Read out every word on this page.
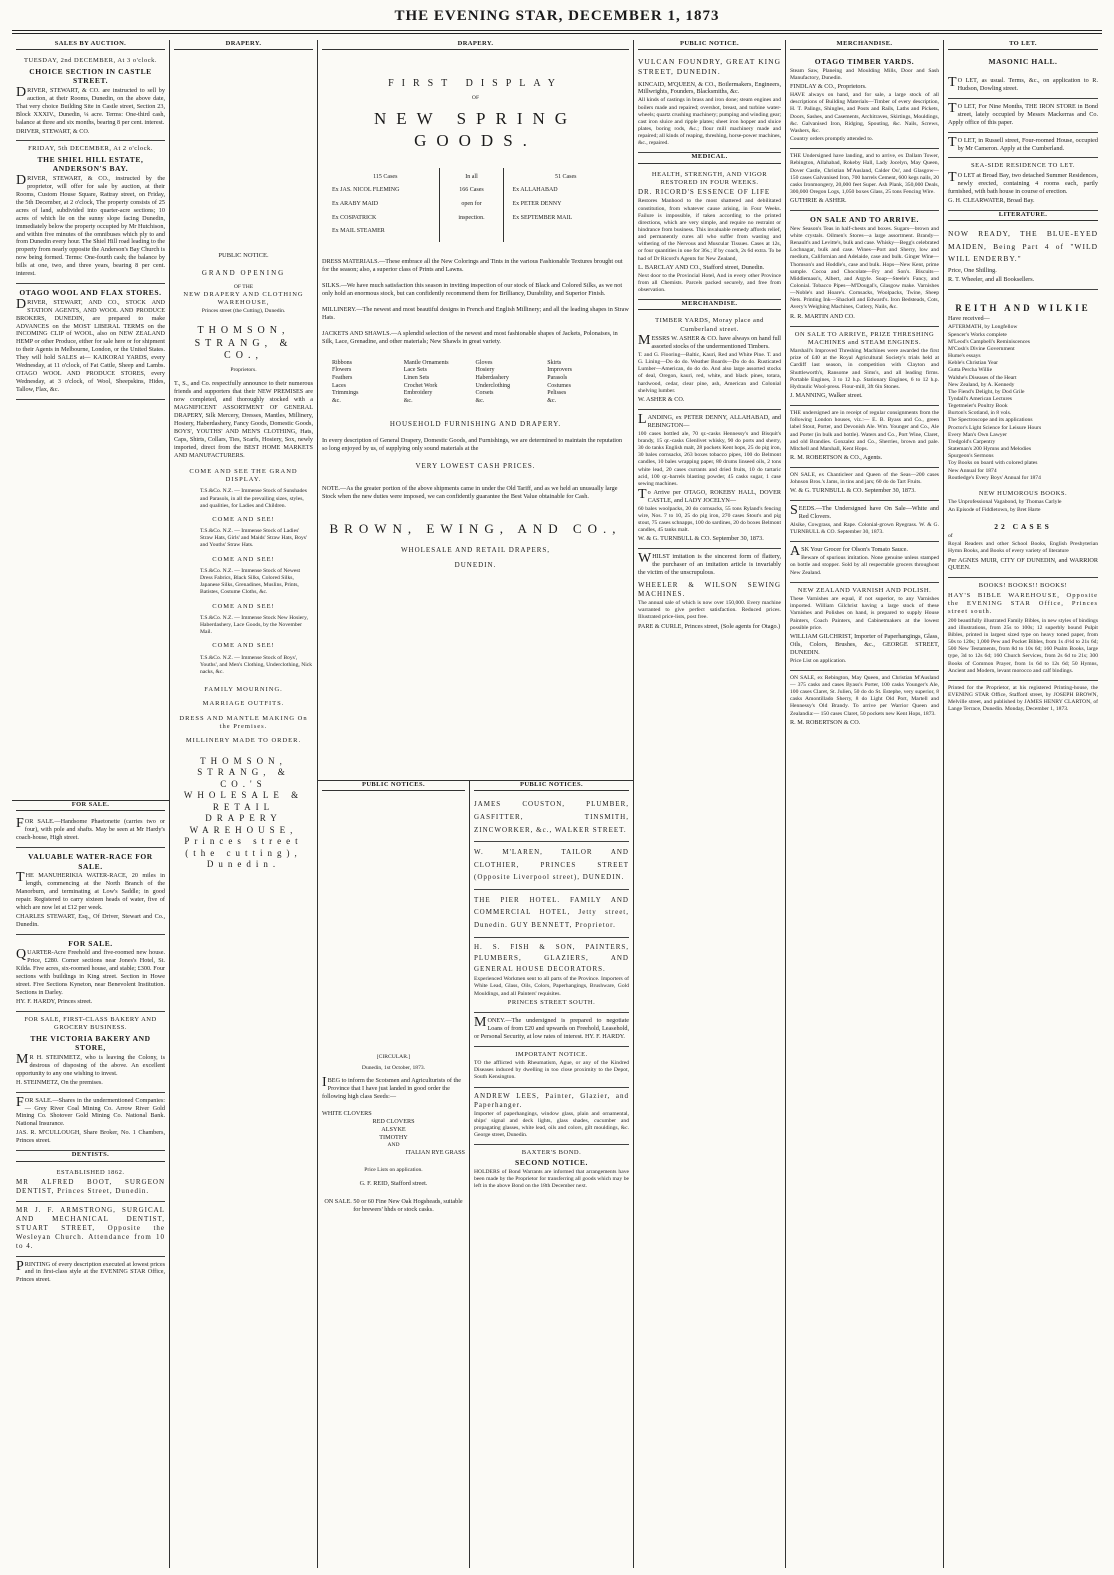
THE EVENING STAR, DECEMBER 1, 1873
SALES BY AUCTION.
TUESDAY, 2nd DECEMBER, At 3 o'clock.
CHOICE SECTION IN CASTLE STREET.

DRIVER, STEWART, & CO. are instructed to sell by auction, at their Rooms, Dunedin, on the above date, That very choice Building Site in Castle street, Section 23, Block XXXIV., Dunedin, ¼ acre. Terms: One-third cash, balance at three and six months, bearing 8 per cent. interest.

DRIVER, STEWART, & CO.

FRIDAY, 5th DECEMBER, At 2 o'clock.
THE SHIEL HILL ESTATE, ANDERSON'S BAY.

DRIVER, STEWART, & CO., instructed by the proprietor, will offer for sale by auction, at their Rooms, Custom House Square, Rattray street, on Friday, the 5th December, at 2 o'clock, The property consists of 25 acres of land, subdivided into quarter-acre sections; 10 acres of which lie on the sunny slope facing Dunedin, immediately below the property occupied by Mr Hutchison, and within five minutes of the omnibuses which ply to and from Dunedin every hour. The Shiel Hill road leading to the property from nearly opposite the Anderson's Bay Church is now being formed. Terms: One-fourth cash; the balance by bills at one, two, and three years, bearing 8 per cent. interest.

OTAGO WOOL AND FLAX STORES.

DRIVER, STEWART, AND CO., STOCK AND STATION AGENTS, AND WOOL AND PRODUCE BROKERS, DUNEDIN, are prepared to make ADVANCES on the MOST LIBERAL TERMS on the INCOMING CLIP of WOOL, also on NEW ZEALAND HEMP or other Produce, either for sale here or for shipment to their Agents in Melbourne, London, or the United States. They will hold SALES at— KAIKORAI YARDS, every Wednesday, at 11 o'clock, of Fat Cattle, Sheep and Lambs. OTAGO WOOL AND PRODUCE STORES, every Wednesday, at 3 o'clock, of Wool, Sheepskins, Hides, Tallow, Flax, &c.

FOR SALE.

FOR SALE.—Handsome Phaetonette (carries two or four), with pole and shafts. May be seen at Mr Hardy's coach-house, High street.

VALUABLE WATER-RACE FOR SALE.

THE MANUHERIKIA WATER-RACE, 20 miles in length, commencing at the North Branch of the Manorburn, and terminating at Low's Saddle; in good repair. Registered to carry sixteen heads of water, five of which are now let at £12 per week.

CHARLES STEWART, Esq., Of Driver, Stewart and Co., Dunedin.

FOR SALE.

QUARTER-Acre Freehold and five-roomed new house. Price, £280. Corner sections near Jones's Hotel, St. Kilda. Five acres, six-roomed house, and stable; £300. Four sections with buildings in King street. Section in Howe street. Five Sections Kyneton, near Benevolent Institution. Sections in Darley.

HY. F. HARDY, Princes street.

FOR SALE, FIRST-CLASS BAKERY AND GROCERY BUSINESS.
THE VICTORIA BAKERY AND STORE,

MR H. STEINMETZ, who is leaving the Colony, is desirous of disposing of the above. An excellent opportunity to any one wishing to invest.

H. STEINMETZ, On the premises.

FOR SALE.—Shares in the undermentioned Companies:— Grey River Coal Mining Co. Arrow River Gold Mining Co. Shotover Gold Mining Co. National Bank. National Insurance.

JAS. R. M'CULLOUGH, Share Broker, No. 1 Chambers, Princes street.

DENTISTS.
ESTABLISHED 1862.

MR ALFRED BOOT, SURGEON DENTIST, Princes Street, Dunedin.

MR J. F. ARMSTRONG, SURGICAL AND MECHANICAL DENTIST, STUART STREET, Opposite the Wesleyan Church. Attendance from 10 to 4.

PRINTING of every description executed at lowest prices and in first-class style at the EVENING STAR Office, Princes street.

DRAPERY.
PUBLIC NOTICE.
GRAND OPENING
OF THE
NEW DRAPERY AND CLOTHING WAREHOUSE,
Princes street (the Cutting), Dunedin.
THOMSON, STRANG, & CO.,
Proprietors.

T., S., and Co. respectfully announce to their numerous friends and supporters that their NEW PREMISES are now completed, and thoroughly stocked with a MAGNIFICENT ASSORTMENT OF GENERAL DRAPERY, Silk Mercery, Dresses, Mantles, Millinery, Hosiery, Haberdashery, Fancy Goods, Domestic Goods, BOYS', YOUTHS' AND MEN'S CLOTHING, Hats, Caps, Shirts, Collars, Ties, Scarfs, Hosiery, Sox, newly imported, direct from the BEST HOME MARKETS AND MANUFACTURERS.

COME AND SEE THE GRAND DISPLAY.

T.S.&Co. N.Z. — Immense Stock of Sunshades and Parasols, in all the prevailing sizes, styles, and qualities, for Ladies and Children.

COME AND SEE!

T.S.&Co. N.Z. — Immense Stock of Ladies' Straw Hats, Girls' and Maids' Straw Hats, Boys' and Youths' Straw Hats.

COME AND SEE!

T.S.&Co. N.Z. — Immense Stock of Newest Dress Fabrics, Black Silks, Colored Silks, Japanese Silks, Grenadines, Muslins, Prints, Batistes, Costume Cloths, &c.

COME AND SEE!

T.S.&Co. N.Z. — Immense Stock New Hosiery, Haberdashery, Lace Goods, by the November Mail.

COME AND SEE!

T.S.&Co. N.Z. — Immense Stock of Boys', Youths', and Men's Clothing, Underclothing, Nick nacks, &c.

FAMILY MOURNING.
MARRIAGE OUTFITS.
DRESS AND MANTLE MAKING On the Premises.
MILLINERY MADE TO ORDER.
THOMSON, STRANG, & CO.'S WHOLESALE & RETAIL DRAPERY WAREHOUSE, Princes street (the cutting), Dunedin.
DRAPERY.
FIRST DISPLAY
OF
NEW SPRING GOODS.

115 Cases

Ex JAS. NICOL FLEMING

Ex ARABY MAID

Ex COSPATRICK

Ex MAIL STEAMER

In all

166 Cases

open for

inspection.

51 Cases

Ex ALLAHABAD

Ex PETER DENNY

Ex SEPTEMBER MAIL

DRESS MATERIALS.—These embrace all the New Colorings and Tints in the various Fashionable Textures brought out for the season; also, a superior class of Prints and Lawns.

SILKS.—We have much satisfaction this season in inviting inspection of our stock of Black and Colored Silks, as we not only hold an enormous stock, but can confidently recommend them for Brilliancy, Durability, and Superior Finish.

MILLINERY.—The newest and most beautiful designs in French and English Millinery; and all the leading shapes in Straw Hats.

JACKETS AND SHAWLS.—A splendid selection of the newest and most fashionable shapes of Jackets, Polonaises, in Silk, Lace, Grenadine, and other materials; New Shawls in great variety.

Ribbons

Flowers

Feathers

Laces

Trimmings

&c.

Mantle Ornaments

Lace Sets

Linen Sets

Crochet Work

Embroidery

&c.

Gloves

Hosiery

Haberdashery

Underclothing

Corsets

&c.

Skirts

Improvers

Parasols

Costumes

Pelisses

&c.

HOUSEHOLD FURNISHING AND DRAPERY.

In every description of General Drapery, Domestic Goods, and Furnishings, we are determined to maintain the reputation so long enjoyed by us, of supplying only sound materials at the

VERY LOWEST CASH PRICES.

NOTE.—As the greater portion of the above shipments came in under the Old Tariff, and as we held an unusually large Stock when the new duties were imposed, we can confidently guarantee the Best Value obtainable for Cash.

BROWN, EWING, AND CO.,
WHOLESALE AND RETAIL DRAPERS,
DUNEDIN.
PUBLIC NOTICES.
[CIRCULAR.]
Dunedin, 1st October, 1873.

IBEG to inform the Scotsmen and Agriculturists of the Province that I have just landed in good order the following high class Seeds:—

WHITE CLOVERS

RED CLOVERS

ALSYKE

TIMOTHY

AND

ITALIAN RYE GRASS

Price Lists on application.
G. F. REID, Stafford street.

ON SALE. 50 or 60 Fine New Oak Hogsheads, suitable for brewers' hhds or stock casks.

PUBLIC NOTICES.

JAMES COUSTON, PLUMBER, GASFITTER, TINSMITH, ZINCWORKER, &c., WALKER STREET.

W. M'LAREN, TAILOR AND CLOTHIER, PRINCES STREET (Opposite Liverpool street), DUNEDIN.

THE PIER HOTEL. FAMILY AND COMMERCIAL HOTEL, Jetty street, Dunedin. GUY BENNETT, Proprietor.

H. S. FISH & SON, PAINTERS, PLUMBERS, GLAZIERS, AND GENERAL HOUSE DECORATORS.

Experienced Workmen sent to all parts of the Province. Importers of White Lead, Glass, Oils, Colors, Paperhangings, Brushware, Gold Mouldings, and all Painters' requisites.

PRINCES STREET SOUTH.

MONEY.—The undersigned is prepared to negotiate Loans of from £20 and upwards on Freehold, Leasehold, or Personal Security, at low rates of interest. HY. F. HARDY.

IMPORTANT NOTICE.

TO the afflicted with Rheumatism, Ague, or any of the Kindred Diseases induced by dwelling in too close proximity to the Depot, South Kensington.

ANDREW LEES, Painter, Glazier, and Paperhanger.

Importer of paperhangings, window glass, plain and ornamental, ships' signal and deck lights, glass shades, cucumber and propagating glasses, white lead, oils and colors, gilt mouldings, &c. George street, Dunedin.

BAXTER'S BOND.
SECOND NOTICE.

HOLDERS of Bond Warrants are informed that arrangements have been made by the Proprietor for transferring all goods which may be left in the above Bond on the 18th December next.

PUBLIC NOTICE.

VULCAN FOUNDRY, GREAT KING STREET, DUNEDIN.

KINCAID, M'QUEEN, & CO., Boilermakers, Engineers, Millwrights, Founders, Blacksmiths, &c.

All kinds of castings in brass and iron done; steam engines and boilers made and repaired; overshot, breast, and turbine water-wheels; quartz crushing machinery; pumping and winding gear; cast iron sluice and ripple plates; sheet iron hopper and sluice plates, boring rods, &c.; flour mill machinery made and repaired; all kinds of reaping, threshing, horse-power machines, &c., repaired.

MEDICAL.
HEALTH, STRENGTH, AND VIGOR RESTORED IN FOUR WEEKS.

DR. RICORD'S ESSENCE OF LIFE

Restores Manhood to the most shattered and debilitated constitution, from whatever cause arising, in Four Weeks. Failure is impossible, if taken according to the printed directions, which are very simple, and require no restraint or hindrance from business. This invaluable remedy affords relief, and permanently cures all who suffer from wasting and withering of the Nervous and Muscular Tissues. Cases at 12s, or four quantities in one for 36s.; if by coach, 2s 6d extra. To be had of Dr Ricord's Agents for New Zealand,

L. BARCLAY AND CO., Stafford street, Dunedin.

Next door to the Provincial Hotel, And in every other Province from all Chemists. Parcels packed securely, and free from observation.

MERCHANDISE.
TIMBER YARDS, Moray place and Cumberland street.

MESSRS W. ASHER & CO. have always on hand full assorted stocks of the undermentioned Timbers.

T. and G. Flooring—Baltic, Kauri, Red and White Pine. T. and G. Lining—Do do do. Weather Boards—Do do do. Rusticated Lumber—American, do do do. And also large assorted stocks of deal, Oregon, kauri, red, white, and black pines, totara, hardwood, cedar, clear pine, ash, American and Colonial shelving lumber.

W. ASHER & CO.

LANDING, ex PETER DENNY, ALLAHABAD, and REBINGTON—

100 cases bottled ale, 70 qr.-casks Hennessy's and Bisquit's brandy, 15 qr.-casks Glenlivet whisky, 90 do ports and sherry, 30 do tanks English malt, 28 pockets Kent hops, 25 do pig iron, 30 bales cornsacks, 263 boxes tobacco pipes, 100 do Belmont candles, 10 bales wrapping paper, 80 drums linseed oils, 2 tons white lead, 20 cases currants and dried fruits, 10 do tartaric acid, 100 qr.-barrels blasting powder, 45 casks sugar, 1 case sewing machines.

To Arrive per OTAGO, ROKEBY HALL, DOVER CASTLE, and LADY JOCELYN—

60 bales woolpacks, 20 do cornsacks, 55 tons Ryland's fencing wire, Nos. 7 to 10, 25 do pig iron, 270 cases Stout's and pig stout, 75 cases schnapps, 100 do sardines, 20 do boxes Belmont candles, 45 tanks malt.

W. & G. TURNBULL & CO. September 30, 1873.

WHILST imitation is the sincerest form of flattery, the purchaser of an imitation article is invariably the victim of the unscrupulous.

WHEELER & WILSON SEWING MACHINES.

The annual sale of which is now over 150,000. Every machine warranted to give perfect satisfaction. Reduced prices. Illustrated price-lists, post free.

PARE & CURLE, Princes street, (Sole agents for Otago.)

MERCHANDISE.
OTAGO TIMBER YARDS.

Steam Saw, Planeing and Moulding Mills, Door and Sash Manufactory, Dunedin.

FINDLAY & CO., Proprietors.

HAVE always on hand, and for sale, a large stock of all descriptions of Building Materials—Timber of every description, H. T. Palings, Shingles, and Posts and Rails, Laths and Pickets, Doors, Sashes, and Casements, Architraves, Skirtings, Mouldings, &c. Galvanised Iron, Ridging, Spouting, &c. Nails, Screws, Washers, &c.

Country orders promptly attended to.

THE Undersigned have landing, and to arrive, ex Dallam Tower, Rebington, Allahabad, Rokeby Hall, Lady Jocelyn, May Queen, Dover Castle, Christian M'Ausland, Calder Ou', and Glasgow— 150 cases Galvanised Iron, 700 barrels Cement, 600 kegs nails, 20 casks Ironmongery, 20,000 feet Super. Ash Plank, 350,000 Deals, 300,000 Oregon Logs, 1,050 boxes Glass, 25 tons Fencing Wire.

GUTHRIE & ASHER.

ON SALE AND TO ARRIVE.

New Season's Teas in half-chests and boxes. Sugars—brown and white crystals. Oilmen's Stores—a large assortment. Brandy—Renault's and Levitte's, bulk and case. Whisky—Begg's celebrated Lochnagar, bulk and case. Wines—Port and Sherry, low and medium, Californian and Adelaide, case and bulk. Ginger Wine—Thomson's and Hoddle's, case and bulk. Hops—New Kent, prime sample. Cocoa and Chocolate—Fry and Son's. Biscuits—Middlemass's, Albert, and Argyle. Soap—Steele's Fancy, and Colonial. Tobacco Pipes—M'Dougal's, Glasgow make. Varnishes—Noble's and Hoare's. Cornsacks, Woolpacks, Twine, Sheep Nets. Printing Ink—Shackell and Edward's. Iron Bedsteads, Cots, Avery's Weighing Machines, Cutlery, Nails, &c.

R. R. MARTIN AND CO.

ON SALE TO ARRIVE, PRIZE THRESHING MACHINES and STEAM ENGINES.

Marshall's Improved Threshing Machines were awarded the first prize of £40 at the Royal Agricultural Society's trials held at Cardiff last season, in competition with Clayton and Shuttleworth's, Ransome and Sims's, and all leading firms. Portable Engines, 3 to 12 h.p. Stationary Engines, 6 to 12 h.p. Hydraulic Wool-press. Flour-mill, 3ft 6in Stones.

J. MANNING, Walker street.

THE undersigned are in receipt of regular consignments from the following London houses, viz.:— E. B. Byass and Co., green label Stout, Porter, and Devonish Ale. Wm. Younger and Co., Ale and Porter (in bulk and bottle). Waters and Co., Port Wine, Claret, and old Brandies. Gonzalez and Co., Sherries, brown and pale. Mitchell and Marshall, Kent Hops.

R. M. ROBERTSON & CO., Agents.

ON SALE, ex Chanticleer and Queen of the Seas—200 cases Johnson Bros.'s Jams, in tins and jars; 60 do do Tart Fruits.

W. & G. TURNBULL & CO. September 30, 1873.

SEEDS.—The Undersigned have On Sale—White and Red Clovers.

Alsike, Cowgrass, and Rape. Colonial-grown Ryegrass. W. & G. TURNBULL & CO. September 30, 1873.

ASK Your Grocer for Olson's Tomato Sauce.

Beware of spurious imitation. None genuine unless stamped on bottle and stopper. Sold by all respectable grocers throughout New Zealand.

NEW ZEALAND VARNISH AND POLISH.

These Varnishes are equal, if not superior, to any Varnishes imported. William Gilchrist having a large stock of these Varnishes and Polishes on hand, is prepared to supply House Painters, Coach Painters, and Cabinetmakers at the lowest possible price.

WILLIAM GILCHRIST, Importer of Paperhangings, Glass, Oils, Colors, Brushes, &c., GEORGE STREET, DUNEDIN.

Price List on application.

ON SALE, ex Rebington, May Queen, and Christian M'Ausland— 375 casks and cases Byass's Porter, 100 casks Younger's Ale, 100 cases Claret, St. Julien, 50 do do St. Estephe, very superior, 8 casks Amontillado Sherry, 8 do Light Old Port, Martell and Hennessy's Old Brandy. To arrive per Warrior Queen and Zealandia:— 150 cases Claret, 50 pockets new Kent Hops, 1873.

R. M. ROBERTSON & CO.

TO LET.
MASONIC HALL.

TO LET, as usual. Terms, &c., on application to R. Hudson, Dowling street.

TO LET, For Nine Months, THE IRON STORE in Bond street, lately occupied by Messrs Mackerras and Co. Apply office of this paper.

TO LET, in Russell street, Four-roomed House, occupied by Mr Cameron. Apply at the Cumberland.

SEA-SIDE RESIDENCE TO LET.

TO LET at Broad Bay, two detached Summer Residences, newly erected, containing 4 rooms each, partly furnished, with bath house in course of erection.

G. H. CLEARWATER, Broad Bay.

LITERATURE.

NOW READY, THE BLUE-EYED MAIDEN, Being Part 4 of "WILD WILL ENDERBY."

Price, One Shilling.

R. T. Wheeler, and all Booksellers.

REITH AND WILKIE

Have received—

AFTERMATH, by Longfellow

Spencer's Works complete

M'Leod's Campbell's Reminiscences

M'Cosh's Divine Government

Hume's essays

Keble's Christian Year

Gutta Percha Willie

Walshe's Diseases of the Heart

New Zealand, by A. Kennedy

The Fiend's Delight, by Dod Grile

Tyndall's American Lectures

Tegetmeier's Poultry Book

Burton's Scotland, in 8 vols.

The Spectroscope and its applications

Proctor's Light Science for Leisure Hours

Every Man's Own Lawyer

Tredgold's Carpentry

Stateman's 200 Hymns and Melodies

Spurgeon's Sermons

Toy Books on board with colored plates

New Annual for 1874

Routledge's Every Boys' Annual for 1874

NEW HUMOROUS BOOKS.

The Unprofessional Vagabond, by Thomas Carlyle

An Episode of Fiddletown, by Bret Harte

22 CASES

of

Royal Readers and other School Books, English Presbyterian Hymn Books, and Books of every variety of literature

Per AGNES MUIR, CITY OF DUNEDIN, and WARRIOR QUEEN.

BOOKS! BOOKS!! BOOKS!

HAY'S BIBLE WAREHOUSE, Opposite the EVENING STAR Office, Princes street south.

200 beautifully illustrated Family Bibles, in new styles of bindings and illustrations, from 25s to 100s; 12 superbly bound Pulpit Bibles, printed in largest sized type on heavy toned paper, from 50s to 120s; 1,000 Pew and Pocket Bibles, from 1s 4½d to 21s 6d; 500 New Testaments, from 8d to 10s 6d; 160 Psalm Books, large type, 3d to 12s 6d; 160 Church Services, from 2s 6d to 21s; 300 Books of Common Prayer, from 1s 6d to 12s 6d; 50 Hymns, Ancient and Modern, levant morocco and calf bindings.

Printed for the Proprietor, at his registered Printing-house, the EVENING STAR Office, Stafford street, by JOSEPH BROWN, Melville street, and published by JAMES HENRY CLARTON, of Lange Terrace, Dunedin. Monday, December 1, 1873.
